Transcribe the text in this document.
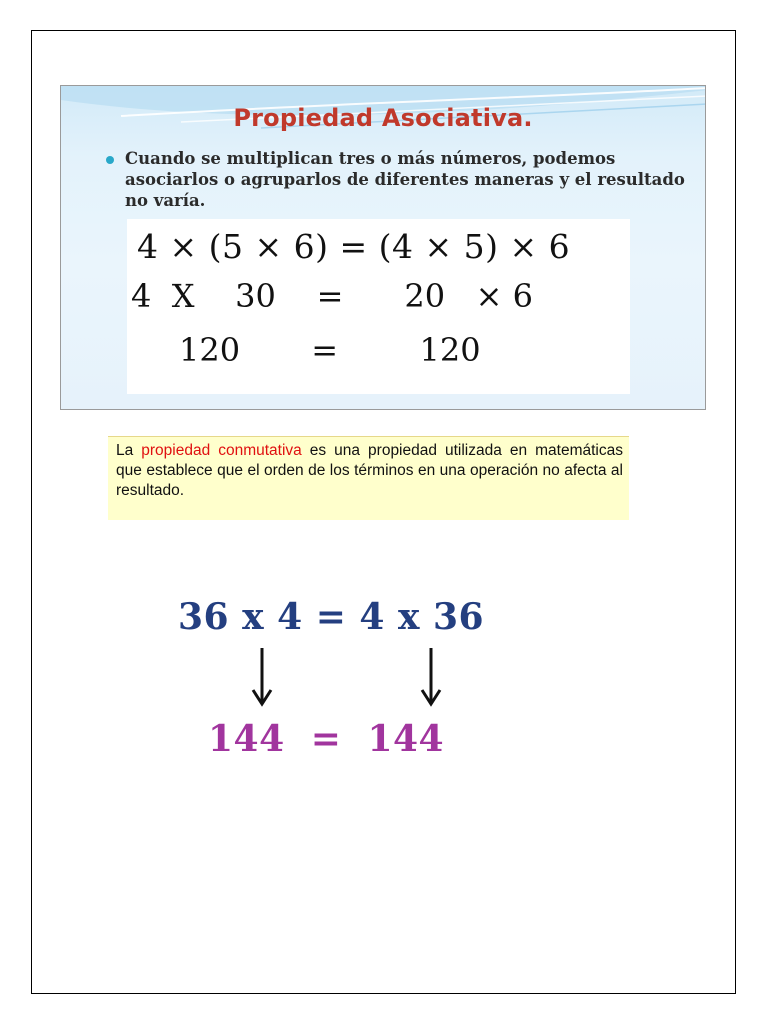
Propiedad Asociativa.
Cuando se multiplican tres o más números, podemos asociarlos o agruparlos de diferentes maneras y el resultado no varía.
4 × (5 × 6) = (4 × 5) × 6
4  X    30    =      20   × 6
120       =        120
La propiedad conmutativa es una propiedad utilizada en matemáticas que establece que el orden de los términos en una operación no afecta al resultado.
36 x 4 = 4 x 36
144  =  144
